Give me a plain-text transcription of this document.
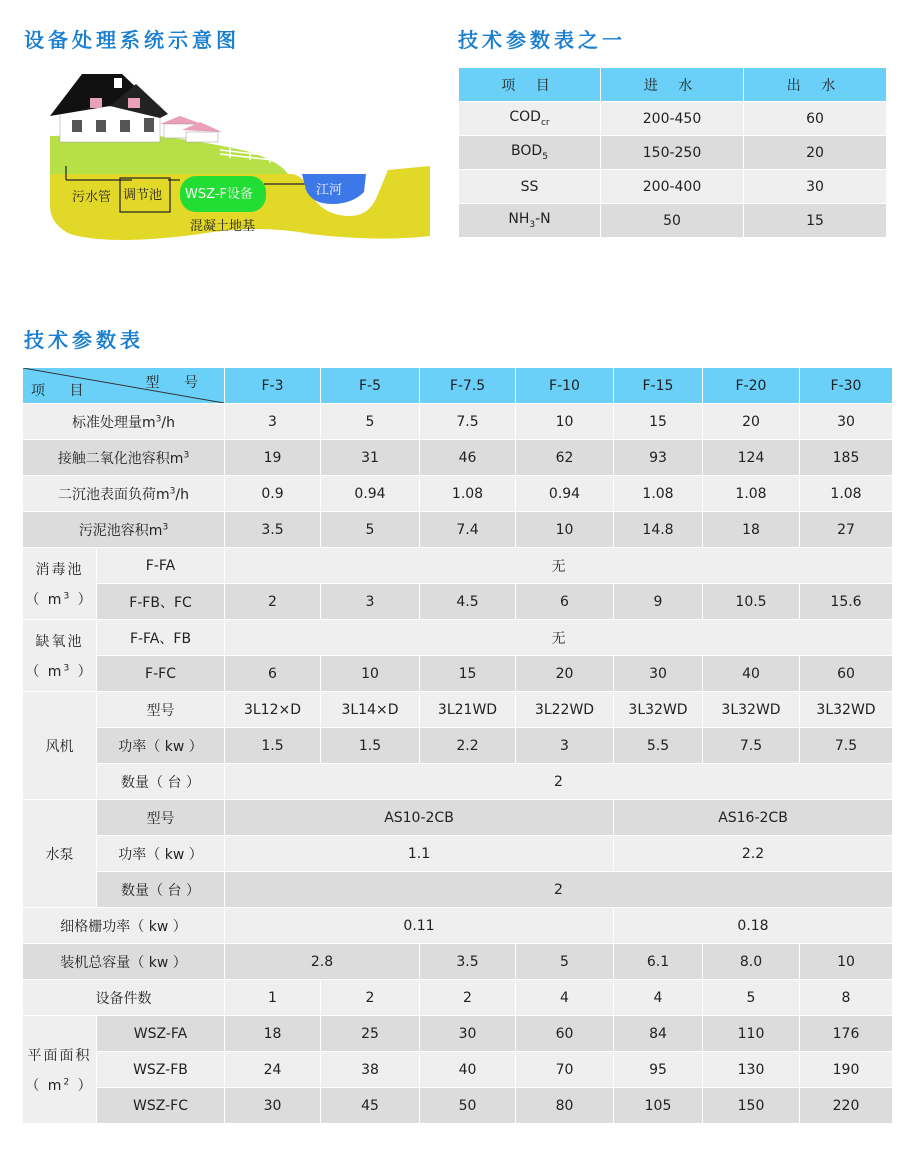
设备处理系统示意图	技术参数表之一
技术参数表
污水管 调节池 WSZ-F设备	江河
混凝土地基
项 目	进 水	出 水
$COD_{cr}$	200-450	60
$BOD_5$	150-250	20
SS	200-400	30
$NH_3-N$	50	15
型 号
项 目		F-3	F-5	F-7.5	F-10	F-15	F-20	F-30
标准处理量$m^3/h$		3	5	7.5	10	15	20	30
接触二氧化池容积$m^3$		19	31	46	62	93	124	185
二沉池表面负荷$m^3/h$		0.9	0.94	1.08	0.94	1.08	1.08	1.08
污泥池容积$m^3$		3.5	5	7.4	10	14.8	18	27

消毒池
（ $m^3$ ）	F-FA	无						
	F-FB、FC	2	3	4.5	6	9	10.5	15.6

缺氧池
（ $m^3$ ）	F-FA、FB	无						
	F-FC	6	10	15	20	30	40	60
风机	型号	3L12×D	3L14×D	3L21WD	3L22WD	3L32WD	3L32WD	3L32WD
	功率（ kw ）	1.5	1.5	2.2	3	5.5	7.5	7.5
	数量（ 台 ）	2						
水泵	型号	AS10-2CB				AS16-2CB		
	功率（ kw ）	1.1				2.2		
	数量（ 台 ）	2						
细格栅功率（ kw ）		0.11				0.18		
装机总容量（ kw ）		2.8		3.5	5	6.1	8.0	10
设备件数		1	2	2	4	4	5	8

平面面积
（ $m^2$ ）	WSZ-FA	18	25	30	60	84	110	176
	WSZ-FB	24	38	40	70	95	130	190
	WSZ-FC	30	45	50	80	105	150	220
